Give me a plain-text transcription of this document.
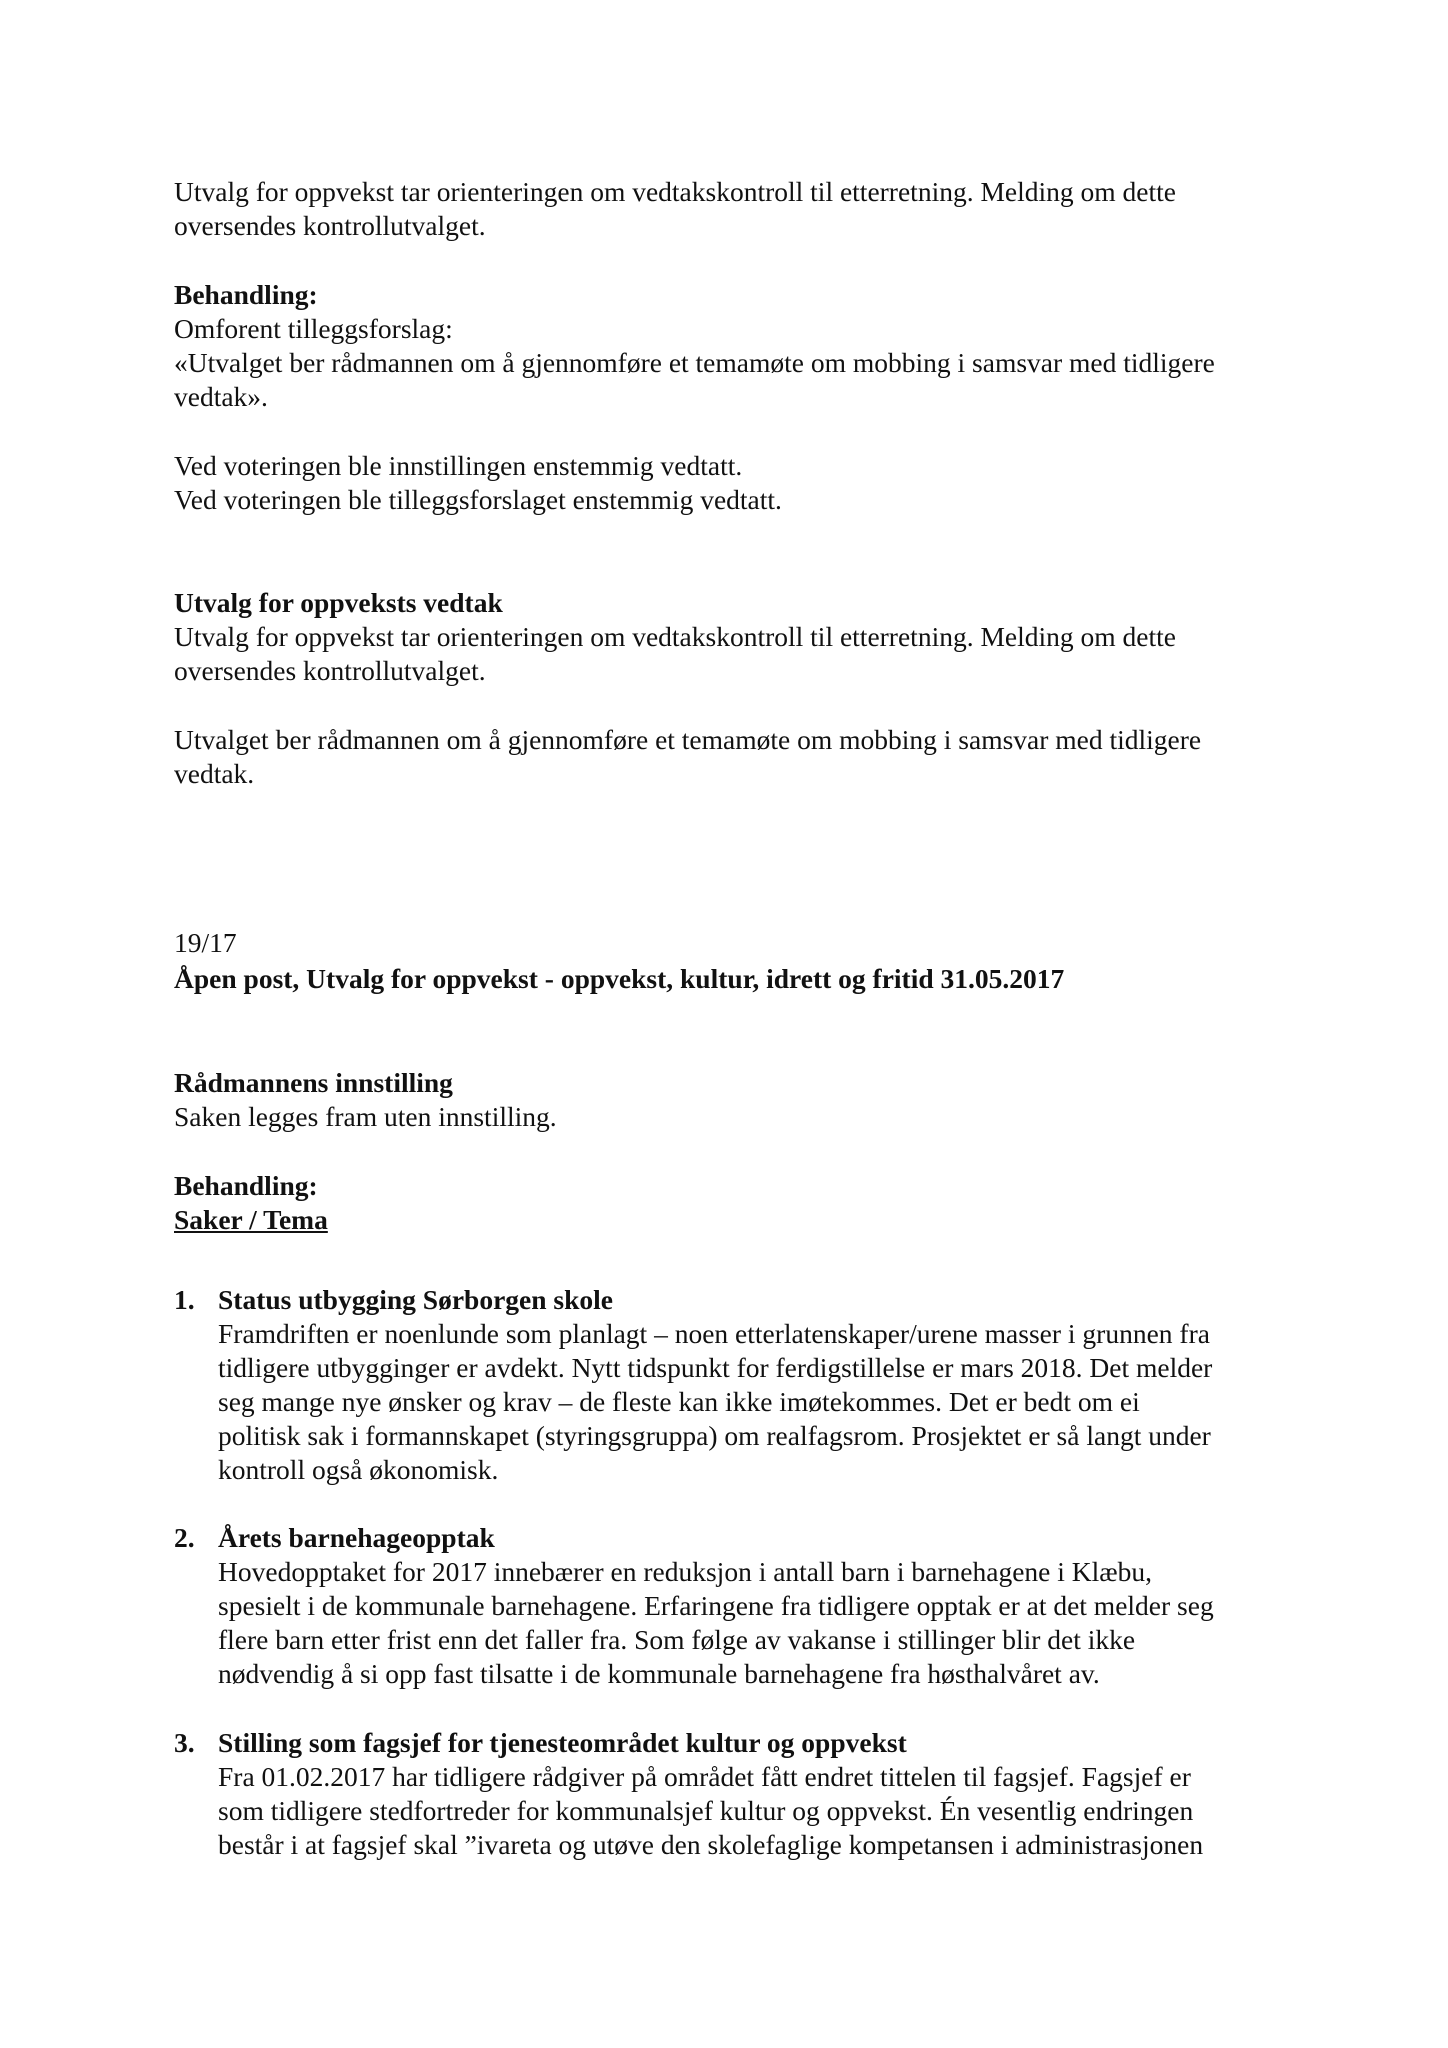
Utvalg for oppvekst tar orienteringen om vedtakskontroll til etterretning. Melding om dette

oversendes kontrollutvalget.

Behandling:

Omforent tilleggsforslag:

«Utvalget ber rådmannen om å gjennomføre et temamøte om mobbing i samsvar med tidligere

vedtak».

Ved voteringen ble innstillingen enstemmig vedtatt.

Ved voteringen ble tilleggsforslaget enstemmig vedtatt.

Utvalg for oppveksts vedtak

Utvalg for oppvekst tar orienteringen om vedtakskontroll til etterretning. Melding om dette

oversendes kontrollutvalget.

Utvalget ber rådmannen om å gjennomføre et temamøte om mobbing i samsvar med tidligere

vedtak.

19/17

Åpen post, Utvalg for oppvekst - oppvekst, kultur, idrett og fritid 31.05.2017

Rådmannens innstilling

Saken legges fram uten innstilling.

Behandling:

Saker / Tema

1. Status utbygging Sørborgen skole
Framdriften er noenlunde som planlagt – noen etterlatenskaper/urene masser i grunnen fra
tidligere utbygginger er avdekt. Nytt tidspunkt for ferdigstillelse er mars 2018. Det melder
seg mange nye ønsker og krav – de fleste kan ikke imøtekommes. Det er bedt om ei
politisk sak i formannskapet (styringsgruppa) om realfagsrom. Prosjektet er så langt under
kontroll også økonomisk.

2. Årets barnehageopptak
Hovedopptaket for 2017 innebærer en reduksjon i antall barn i barnehagene i Klæbu,
spesielt i de kommunale barnehagene. Erfaringene fra tidligere opptak er at det melder seg
flere barn etter frist enn det faller fra. Som følge av vakanse i stillinger blir det ikke
nødvendig å si opp fast tilsatte i de kommunale barnehagene fra høsthalvåret av.

3. Stilling som fagsjef for tjenesteområdet kultur og oppvekst
Fra 01.02.2017 har tidligere rådgiver på området fått endret tittelen til fagsjef. Fagsjef er
som tidligere stedfortreder for kommunalsjef kultur og oppvekst. Én vesentlig endringen
består i at fagsjef skal ”ivareta og utøve den skolefaglige kompetansen i administrasjonen
